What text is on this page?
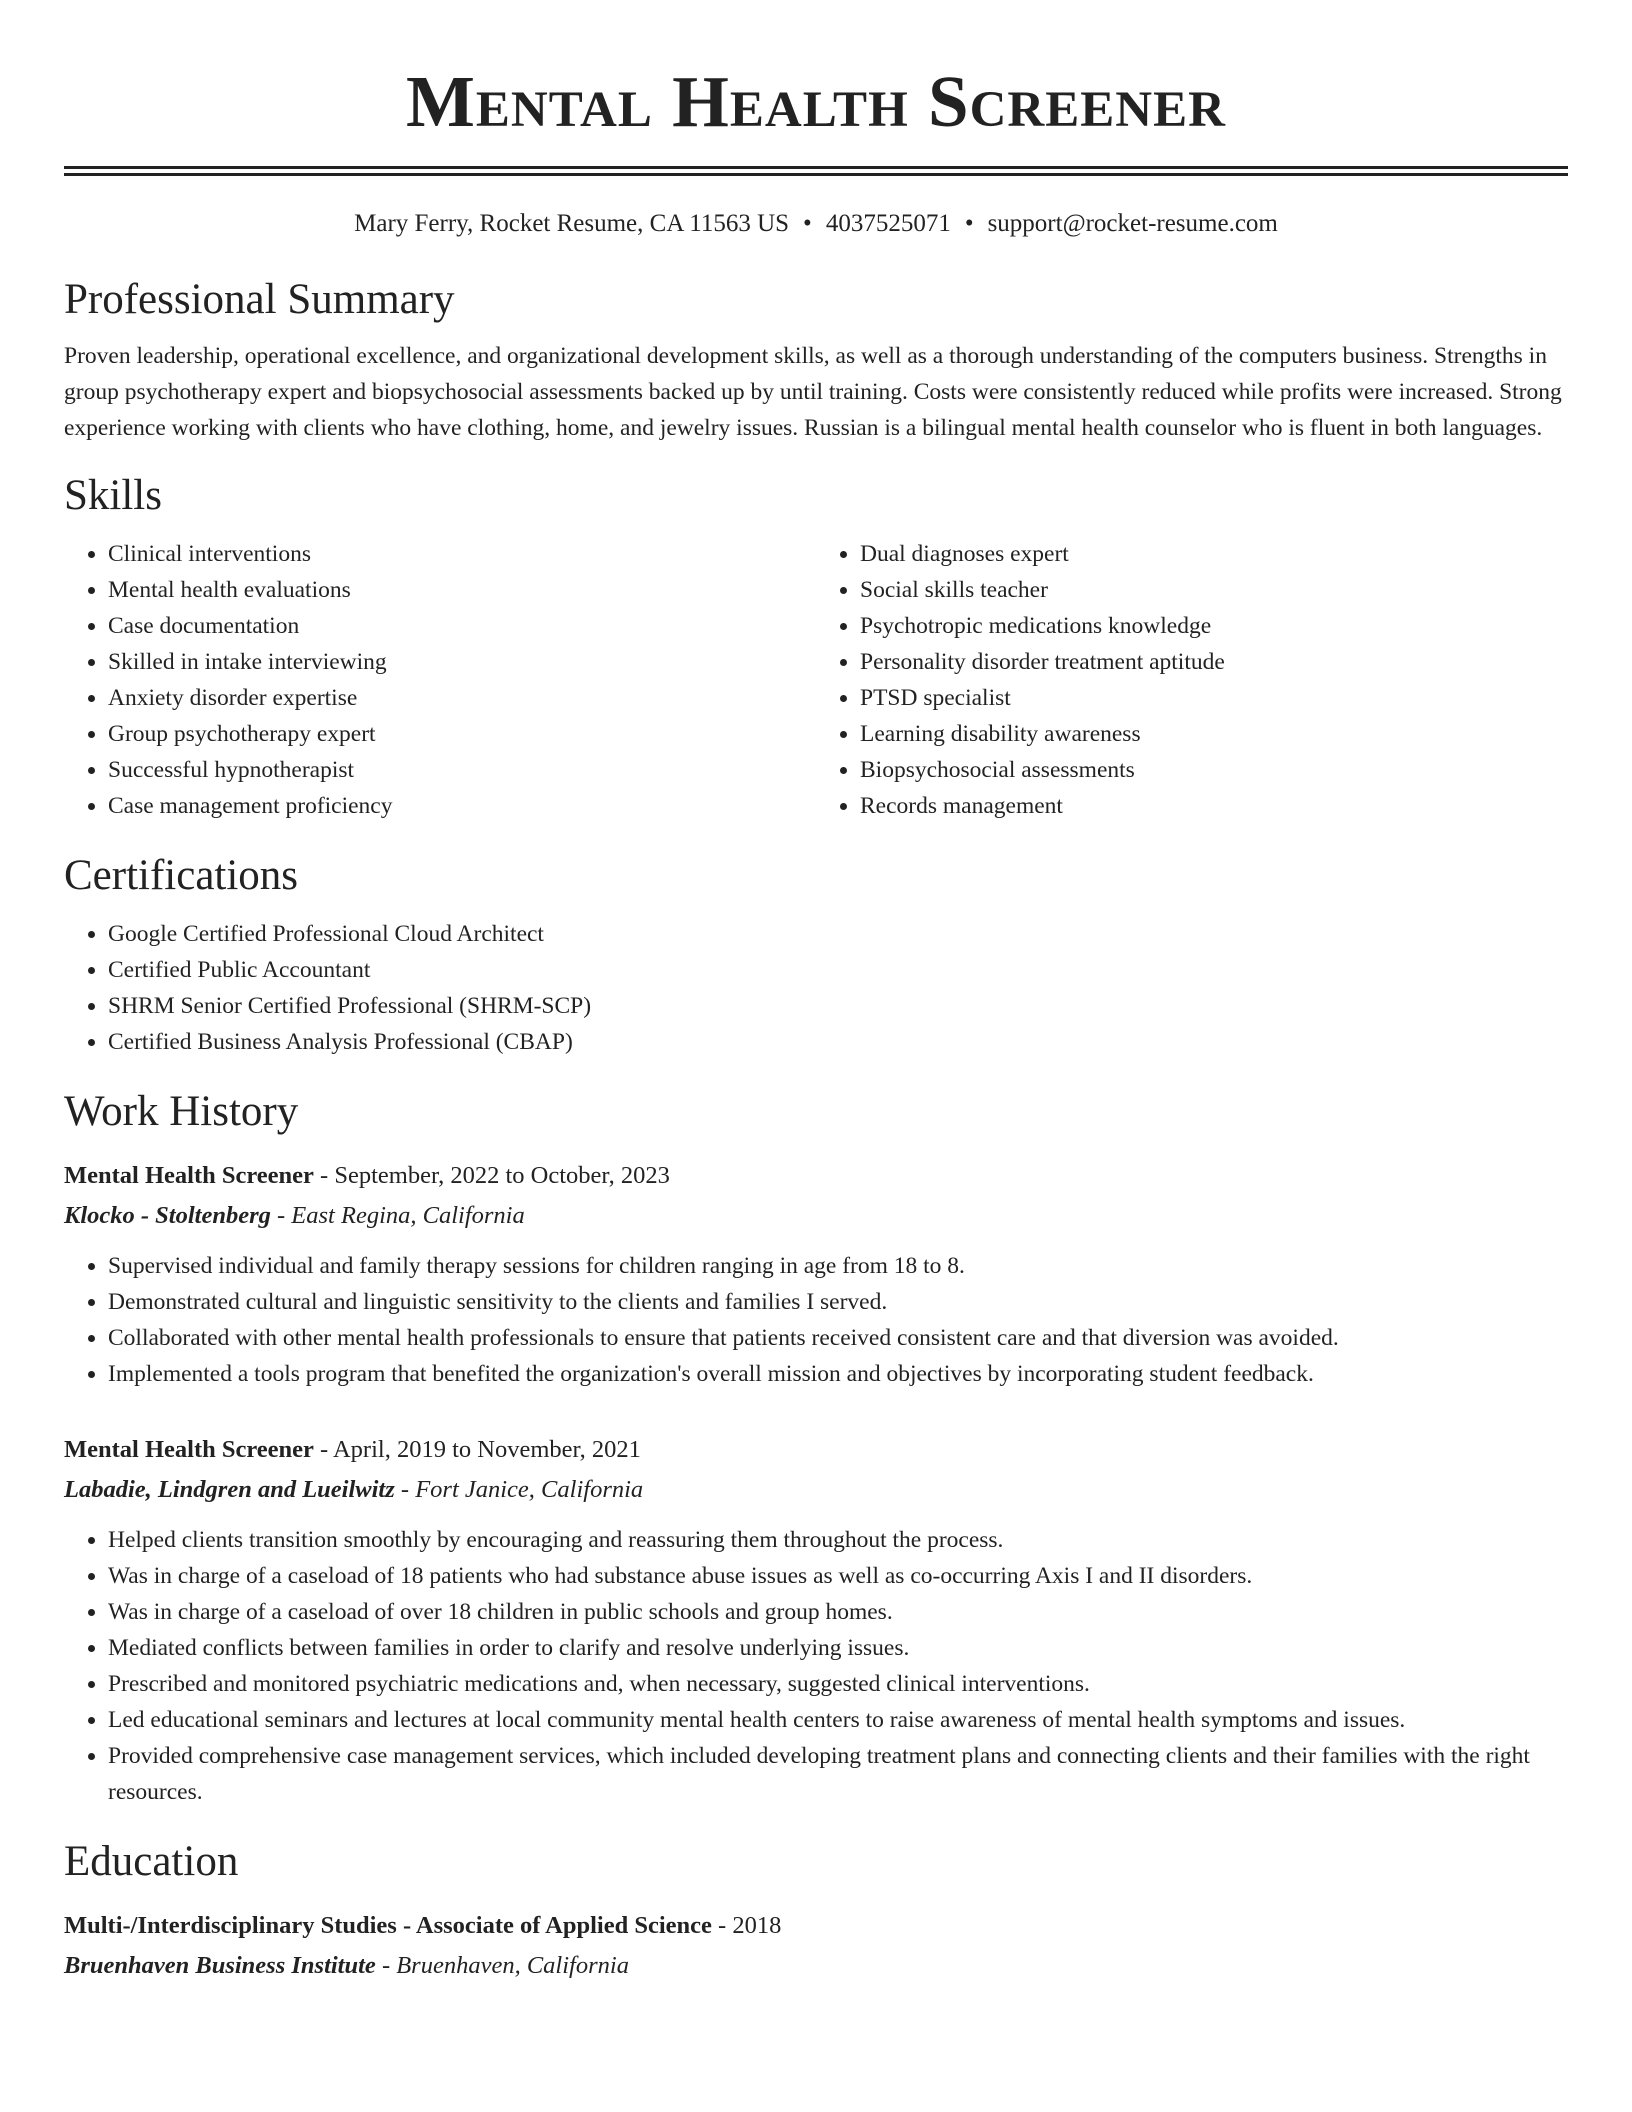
Mental Health Screener
Mary Ferry, Rocket Resume, CA 11563 US • 4037525071 • support@rocket-resume.com
Professional Summary

Proven leadership, operational excellence, and organizational development skills, as well as a thorough understanding of the computers business. Strengths in group psychotherapy expert and biopsychosocial assessments backed up by until training. Costs were consistently reduced while profits were increased. Strong experience working with clients who have clothing, home, and jewelry issues. Russian is a bilingual mental health counselor who is fluent in both languages.

Skills
• Clinical interventions
• Mental health evaluations
• Case documentation
• Skilled in intake interviewing
• Anxiety disorder expertise
• Group psychotherapy expert
• Successful hypnotherapist
• Case management proficiency
• Dual diagnoses expert
• Social skills teacher
• Psychotropic medications knowledge
• Personality disorder treatment aptitude
• PTSD specialist
• Learning disability awareness
• Biopsychosocial assessments
• Records management
Certifications
• Google Certified Professional Cloud Architect
• Certified Public Accountant
• SHRM Senior Certified Professional (SHRM-SCP)
• Certified Business Analysis Professional (CBAP)
Work History
Mental Health Screener - September, 2022 to October, 2023
Klocko - Stoltenberg - East Regina, California
• Supervised individual and family therapy sessions for children ranging in age from 18 to 8.
• Demonstrated cultural and linguistic sensitivity to the clients and families I served.
• Collaborated with other mental health professionals to ensure that patients received consistent care and that diversion was avoided.
• Implemented a tools program that benefited the organization's overall mission and objectives by incorporating student feedback.
Mental Health Screener - April, 2019 to November, 2021
Labadie, Lindgren and Lueilwitz - Fort Janice, California
• Helped clients transition smoothly by encouraging and reassuring them throughout the process.
• Was in charge of a caseload of 18 patients who had substance abuse issues as well as co-occurring Axis I and II disorders.
• Was in charge of a caseload of over 18 children in public schools and group homes.
• Mediated conflicts between families in order to clarify and resolve underlying issues.
• Prescribed and monitored psychiatric medications and, when necessary, suggested clinical interventions.
• Led educational seminars and lectures at local community mental health centers to raise awareness of mental health symptoms and issues.
• Provided comprehensive case management services, which included developing treatment plans and connecting clients and their families with the right resources.
Education
Multi-/Interdisciplinary Studies - Associate of Applied Science - 2018
Bruenhaven Business Institute - Bruenhaven, California
